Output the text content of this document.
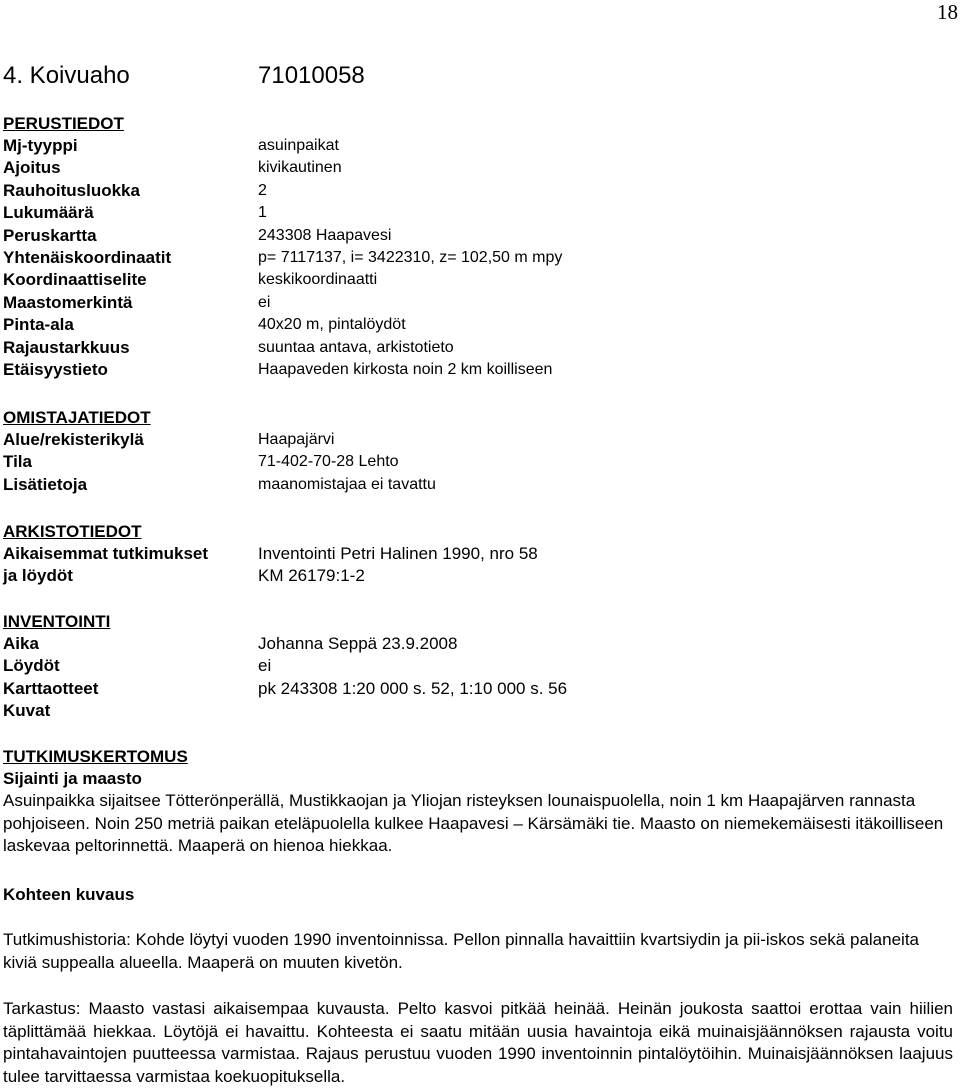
18
4. Koivuaho	71010058
PERUSTIEDOT
Mj-tyyppi	asuinpaikat
Ajoitus	kivikautinen
Rauhoitusluokka	2
Lukumäärä	1
Peruskartta	243308 Haapavesi
Yhtenäiskoordinaatit	p= 7117137, i= 3422310, z= 102,50 m mpy
Koordinaattiselite	keskikoordinaatti
Maastomerkintä	ei
Pinta-ala	40x20 m, pintalöydöt
Rajaustarkkuus	suuntaa antava, arkistotieto
Etäisyystieto	Haapaveden kirkosta noin 2 km koilliseen
OMISTAJATIEDOT
Alue/rekisterikylä	Haapajärvi
Tila	71-402-70-28 Lehto
Lisätietoja	maanomistajaa ei tavattu
ARKISTOTIEDOT
Aikaisemmat tutkimukset	Inventointi Petri Halinen 1990, nro 58
ja löydöt	KM 26179:1-2
INVENTOINTI
Aika	Johanna Seppä 23.9.2008
Löydöt	ei
Karttaotteet	pk 243308 1:20 000 s. 52, 1:10 000 s. 56
Kuvat
TUTKIMUSKERTOMUS
Sijainti ja maasto

Asuinpaikka sijaitsee Tötterönperällä, Mustikkaojan ja Yliojan risteyksen lounaispuolella, noin 1 km Haapajärven rannasta pohjoiseen. Noin 250 metriä paikan eteläpuolella kulkee Haapavesi – Kärsämäki tie. Maasto on niemekemäisesti itäkoilliseen laskevaa peltorinnettä. Maaperä on hienoa hiekkaa.

Kohteen kuvaus

Tutkimushistoria: Kohde löytyi vuoden 1990 inventoinnissa. Pellon pinnalla havaittiin kvartsiydin ja pii-iskos sekä palaneita kiviä suppealla alueella. Maaperä on muuten kivetön.

Tarkastus: Maasto vastasi aikaisempaa kuvausta. Pelto kasvoi pitkää heinää. Heinän joukosta saattoi erottaa vain hiilien täplittämää hiekkaa. Löytöjä ei havaittu. Kohteesta ei saatu mitään uusia havaintoja eikä muinaisjäännöksen rajausta voitu pintahavaintojen puutteessa varmistaa. Rajaus perustuu vuoden 1990 inventoinnin pintalöytöihin. Muinaisjäännöksen laajuus tulee tarvittaessa varmistaa koekuopituksella.
